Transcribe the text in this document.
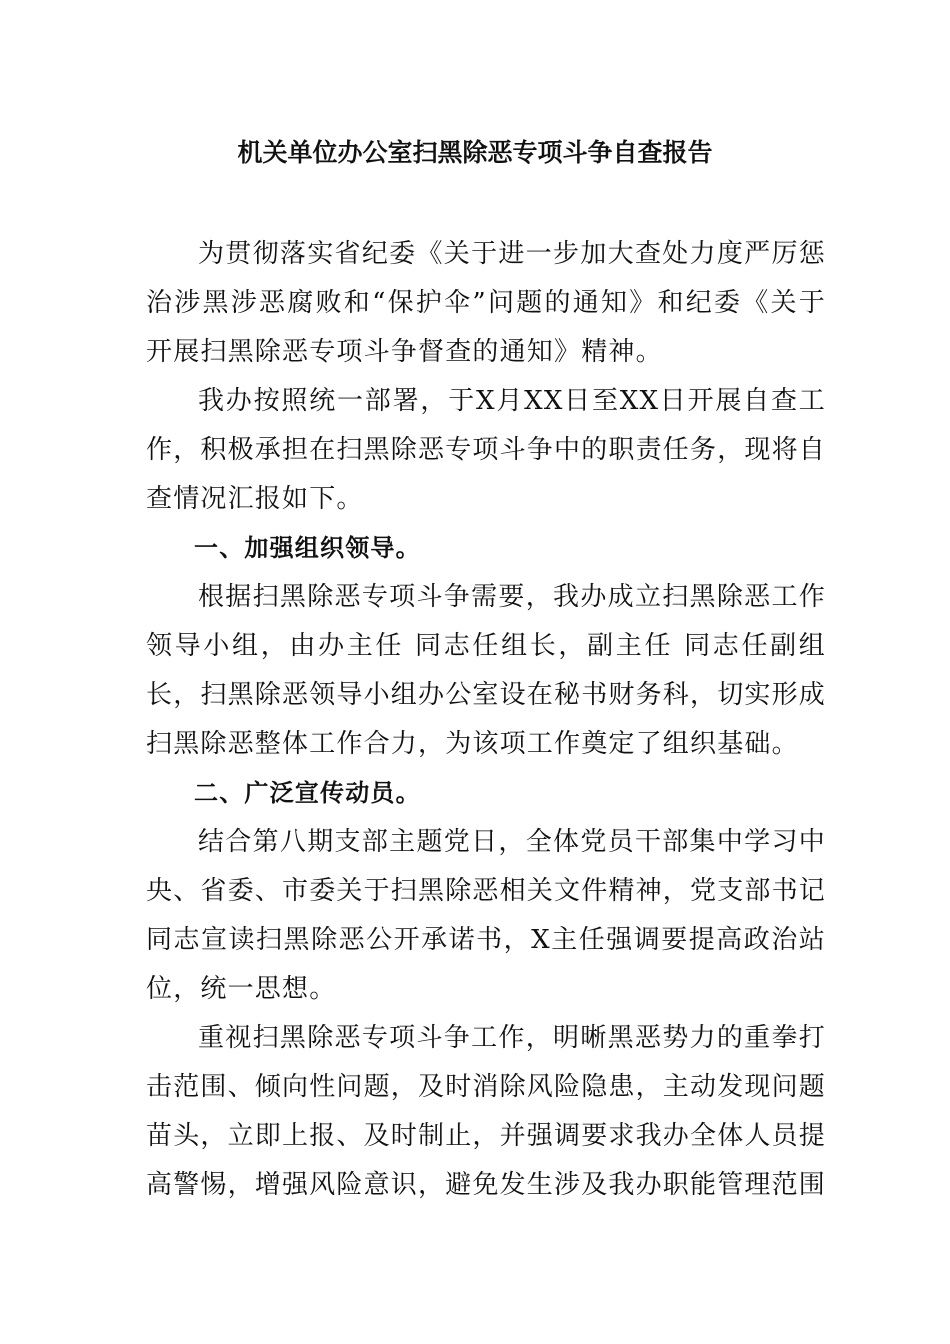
机关单位办公室扫黑除恶专项斗争自查报告

为贯彻落实省纪委《关于进一步加大查处力度严厉惩治涉黑涉恶腐败和“保护伞”问题的通知》和纪委《关于开展扫黑除恶专项斗争督查的通知》精神。

我办按照统一部署，于X月XX日至XX日开展自查工作，积极承担在扫黑除恶专项斗争中的职责任务，现将自查情况汇报如下。

一、加强组织领导。

根据扫黑除恶专项斗争需要，我办成立扫黑除恶工作领导小组，由办主任 同志任组长，副主任 同志任副组长，扫黑除恶领导小组办公室设在秘书财务科，切实形成扫黑除恶整体工作合力，为该项工作奠定了组织基础。

二、广泛宣传动员。

结合第八期支部主题党日，全体党员干部集中学习中央、省委、市委关于扫黑除恶相关文件精神，党支部书记同志宣读扫黑除恶公开承诺书，X主任强调要提高政治站位，统一思想。

重视扫黑除恶专项斗争工作，明晰黑恶势力的重拳打击范围、倾向性问题，及时消除风险隐患，主动发现问题苗头，立即上报、及时制止，并强调要求我办全体人员提高警惕，增强风险意识，避免发生涉及我办职能管理范围
